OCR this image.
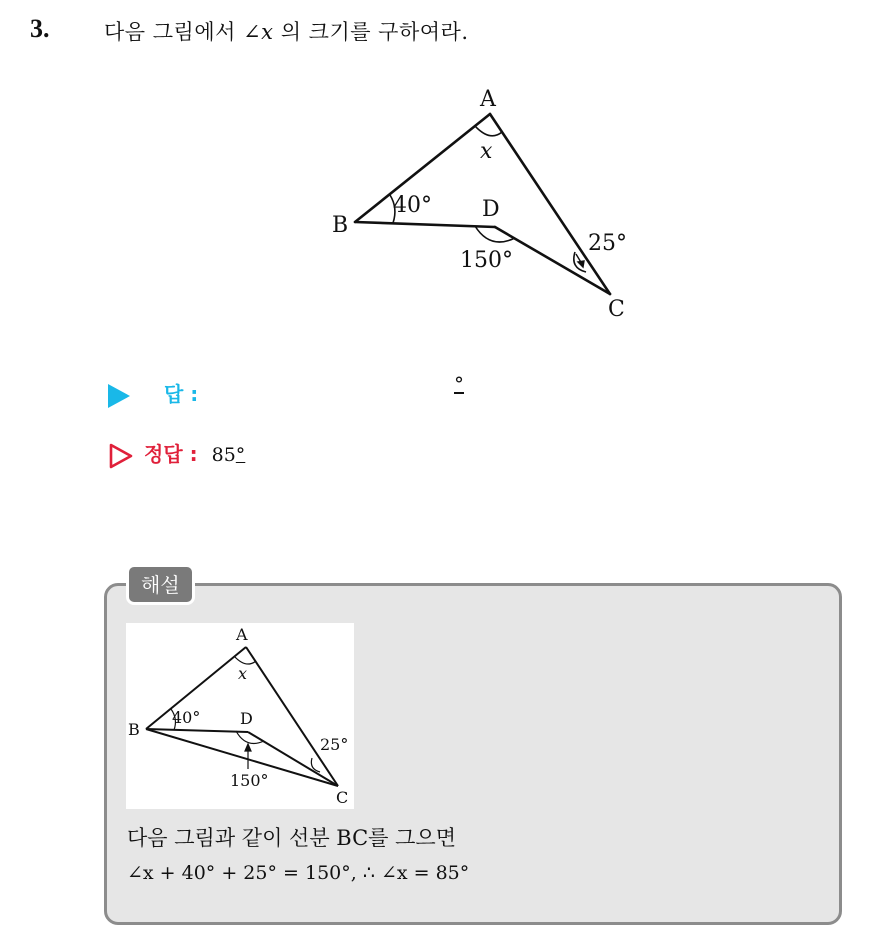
3.	다음 그림에서 ∠x 의 크기를 구하여라.
A
x
B
40° D
150°
25°
C
답 :	°
정답 : 85°
해설
A
x
B
40° D
150°
25°
C
다음 그림과 같이 선분 BC를 그으면
∠x + 40° + 25° = 150°, ∴ ∠x = 85°
